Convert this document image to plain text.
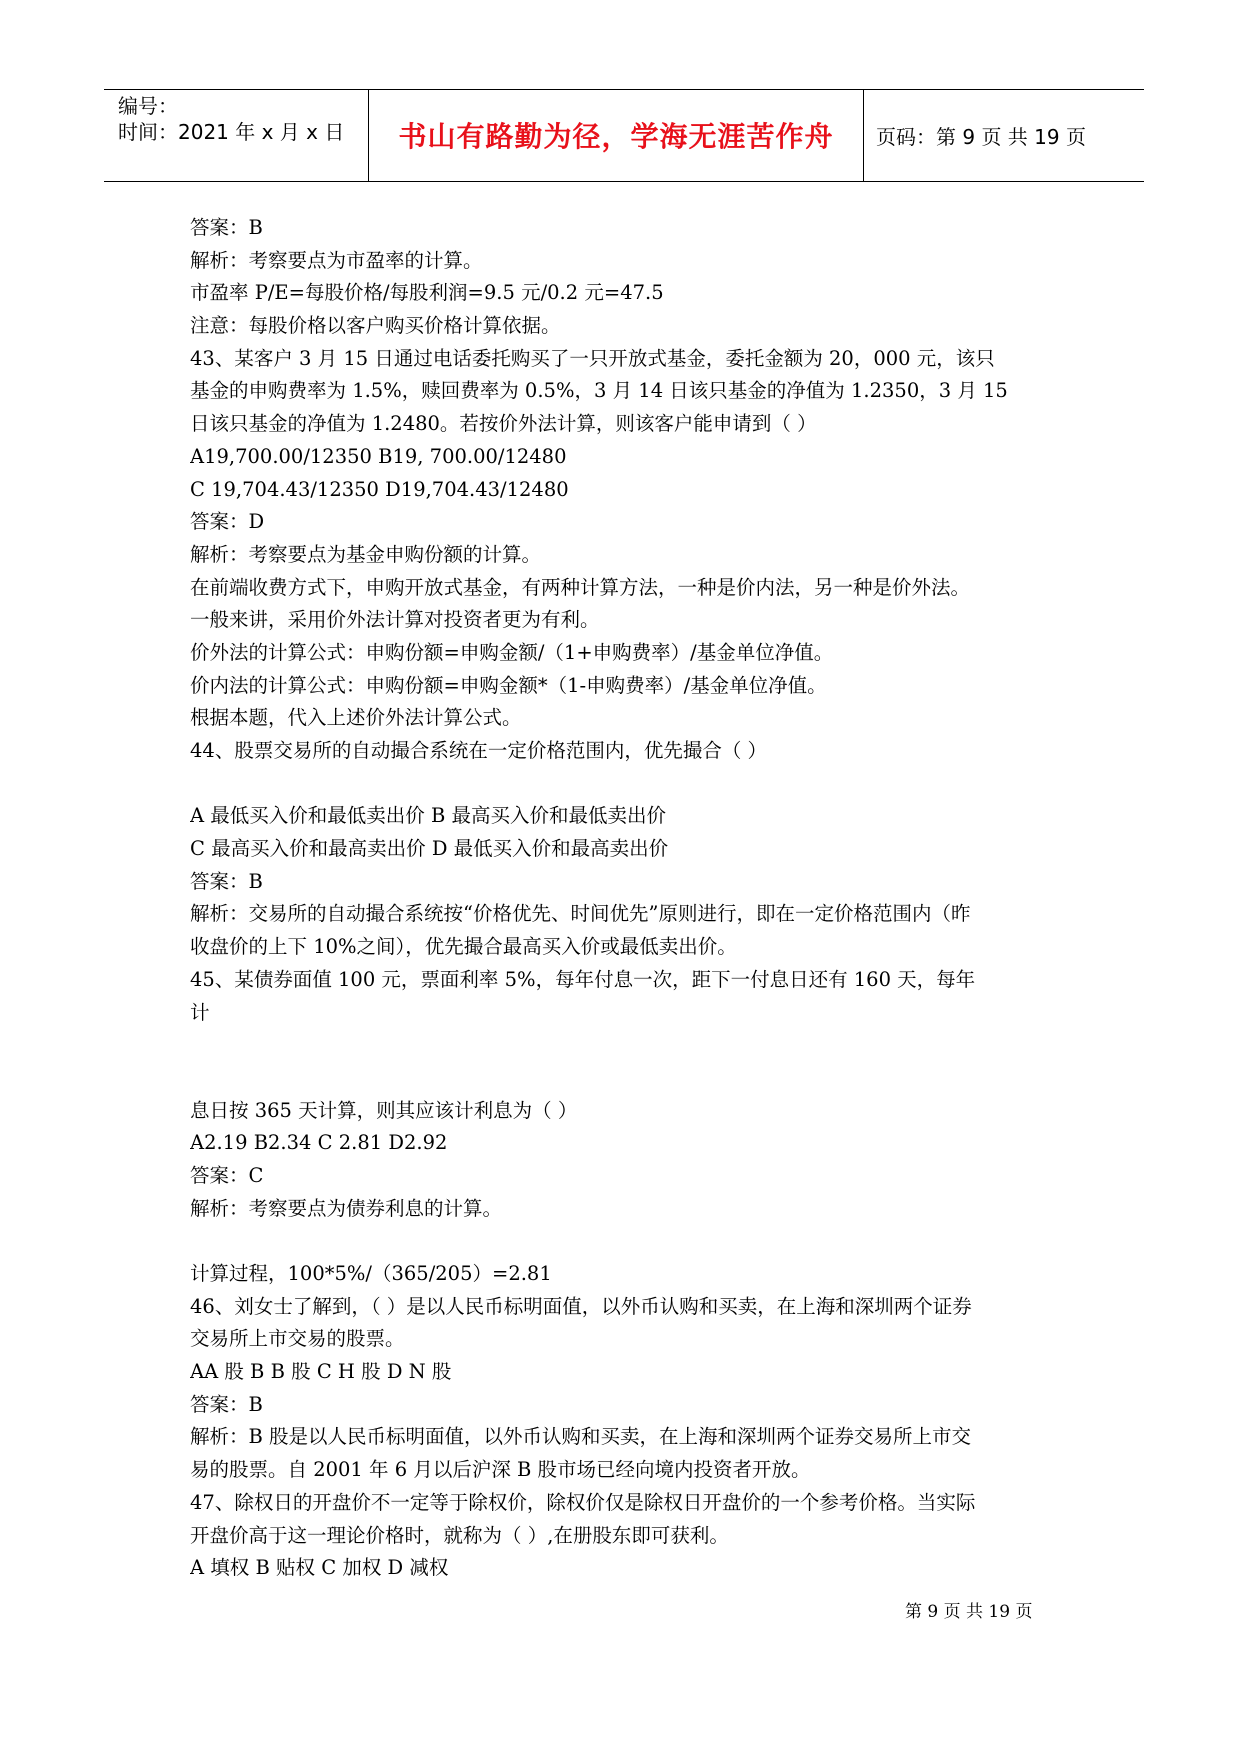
编号：
时间：2021 年 x 月 x 日	书山有路勤为径，学海无涯苦作舟	页码：第 9 页 共 19 页
答案：B
解析：考察要点为市盈率的计算。
市盈率 P/E=每股价格/每股利润=9.5 元/0.2 元=47.5
注意：每股价格以客户购买价格计算依据。
43、某客户 3 月 15 日通过电话委托购买了一只开放式基金，委托金额为 20，000 元，该只
基金的申购费率为 1.5%，赎回费率为 0.5%，3 月 14 日该只基金的净值为 1.2350，3 月 15
日该只基金的净值为 1.2480。若按价外法计算，则该客户能申请到（ ）
A19,700.00/12350 B19, 700.00/12480
C 19,704.43/12350 D19,704.43/12480
答案：D
解析：考察要点为基金申购份额的计算。
在前端收费方式下，申购开放式基金，有两种计算方法，一种是价内法，另一种是价外法。
一般来讲，采用价外法计算对投资者更为有利。
价外法的计算公式：申购份额=申购金额/（1+申购费率）/基金单位净值。
价内法的计算公式：申购份额=申购金额*（1-申购费率）/基金单位净值。
根据本题，代入上述价外法计算公式。
44、股票交易所的自动撮合系统在一定价格范围内，优先撮合（ ）
A 最低买入价和最低卖出价 B 最高买入价和最低卖出价
C 最高买入价和最高卖出价 D 最低买入价和最高卖出价
答案：B
解析：交易所的自动撮合系统按“价格优先、时间优先”原则进行，即在一定价格范围内（昨
收盘价的上下 10%之间），优先撮合最高买入价或最低卖出价。
45、某债券面值 100 元，票面利率 5%，每年付息一次，距下一付息日还有 160 天，每年
计
息日按 365 天计算，则其应该计利息为（ ）
A2.19 B2.34 C 2.81 D2.92
答案：C
解析：考察要点为债券利息的计算。
计算过程，100*5%/（365/205）=2.81
46、刘女士了解到，（ ）是以人民币标明面值，以外币认购和买卖，在上海和深圳两个证券
交易所上市交易的股票。
AA 股 B B 股 C H 股 D N 股
答案：B
解析：B 股是以人民币标明面值，以外币认购和买卖，在上海和深圳两个证券交易所上市交
易的股票。自 2001 年 6 月以后沪深 B 股市场已经向境内投资者开放。
47、除权日的开盘价不一定等于除权价，除权价仅是除权日开盘价的一个参考价格。当实际
开盘价高于这一理论价格时，就称为（ ）,在册股东即可获利。
A 填权 B 贴权 C 加权 D 减权
第 9 页 共 19 页
